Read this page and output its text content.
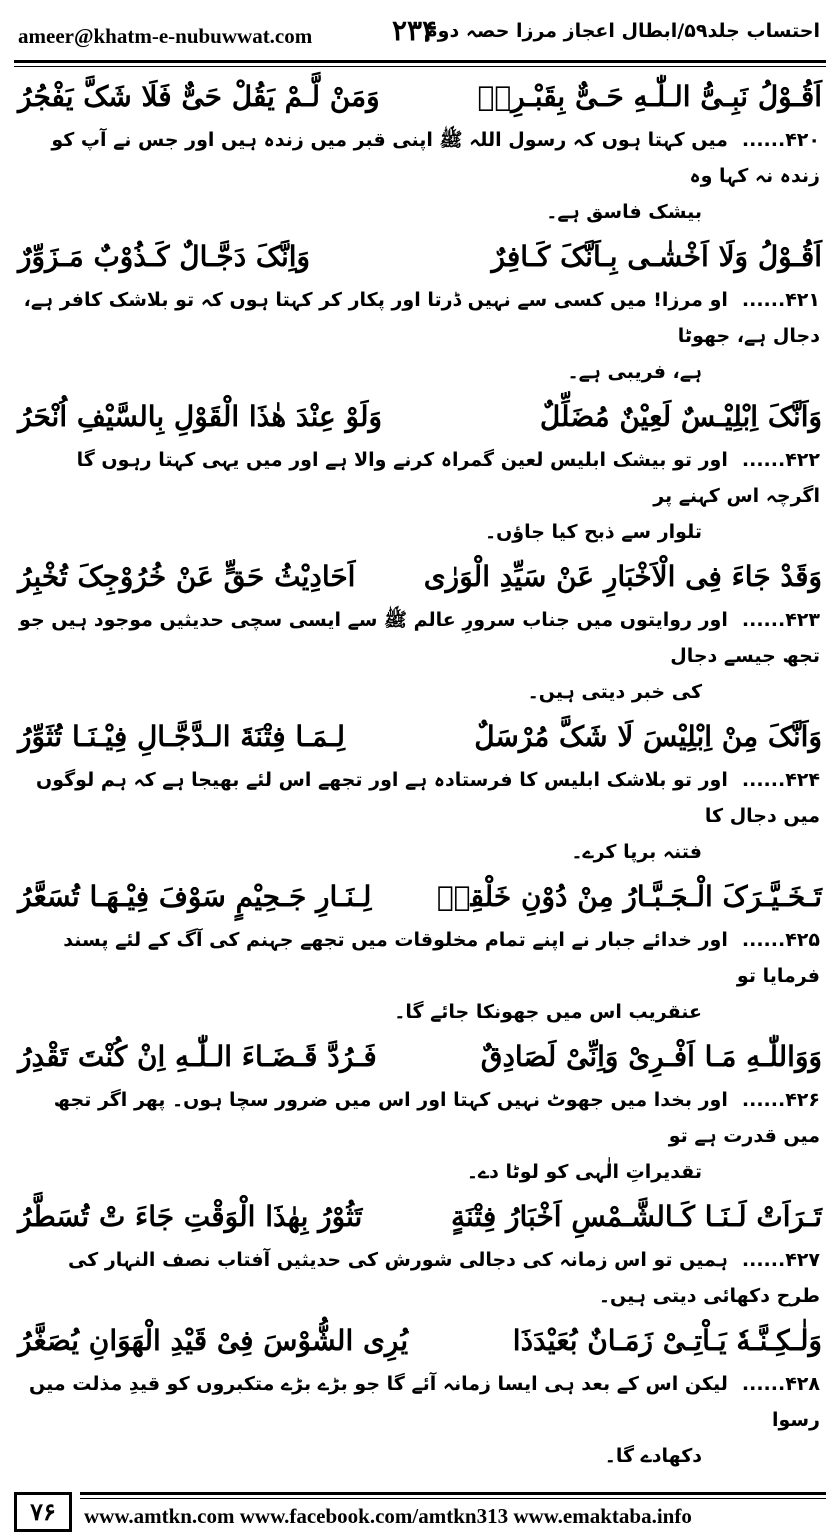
ameer@khatm-e-nubuwwat.com	۲۳۴
احتساب جلد۵۹/ابطال اعجاز مرزا حصہ دوم
اَقُـوْلُ نَبِـیُّ الـلّٰـهِ حَـیٌّ بِقَبْـرِهٖ
وَمَنْ لَّـمْ یَقُلْ حَیٌّ فَلَا شَکَّ یَفْجُرُ
۴۲۰......میں کہتا ہوں کہ رسول اللہ ﷺ اپنی قبر میں زندہ ہیں اور جس نے آپ کو زندہ نہ کہا وہ
بیشک فاسق ہے۔
اَقُـوْلُ وَلَا اَخْشٰـی بِـاَنَّکَ کَـافِرٌ
وَاِنَّکَ دَجَّـالٌ کَـذُوْبٌ مَـزَوِّرٌ
۴۲۱......او مرزا! میں کسی سے نہیں ڈرتا اور پکار کر کہتا ہوں کہ تو بلاشک کافر ہے، دجال ہے، جھوٹا
ہے، فریبی ہے۔
وَاَنَّکَ اِبْلِیْـسٌ لَعِیْنٌ مُضَلِّلٌ
وَلَوْ عِنْدَ هٰذَا الْقَوْلِ بِالسَّیْفِ اُنْحَرُ
۴۲۲......اور تو بیشک ابلیس لعین گمراہ کرنے والا ہے اور میں یہی کہتا رہوں گا اگرچہ اس کہنے پر
تلوار سے ذبح کیا جاؤں۔
وَقَدْ جَاءَ فِی الْاَخْبَارِ عَنْ سَیِّدِ الْوَرٰی
اَحَادِیْثُ حَقٍّ عَنْ خُرُوْجِکَ تُخْبِرُ
۴۲۳......اور روایتوں میں جناب سرورِ عالم ﷺ سے ایسی سچی حدیثیں موجود ہیں جو تجھ جیسے دجال
کی خبر دیتی ہیں۔
وَاَنَّکَ مِنْ اِبْلِیْسَ لَا شَکَّ مُرْسَلٌ
لِـمَـا فِتْنَةَ الـدَّجَّـالِ فِیْـنَـا تُثَوِّرُ
۴۲۴......اور تو بلاشک ابلیس کا فرستادہ ہے اور تجھے اس لئے بھیجا ہے کہ ہم لوگوں میں دجال کا
فتنہ برپا کرے۔
تَـخَـیَّـرَکَ الْـجَـبَّـارُ مِنْ دُوْنِ خَلْقِهٖ
لِـنَـارِ جَـحِیْمٍ سَوْفَ فِیْـهَـا تُسَعَّرُ
۴۲۵......اور خدائے جبار نے اپنے تمام مخلوقات میں تجھے جہنم کی آگ کے لئے پسند فرمایا تو
عنقریب اس میں جھونکا جائے گا۔
وَوَاللّٰـهِ مَـا اَفْـرِیْ وَاِنِّیْ لَصَادِقٌ
فَـرُدَّ قَـضَـاءَ الـلّٰـهِ اِنْ کُنْتَ تَقْدِرُ
۴۲۶......اور بخدا میں جھوٹ نہیں کہتا اور اس میں ضرور سچا ہوں۔ پھر اگر تجھ میں قدرت ہے تو
تقدیراتِ الٰہی کو لوٹا دے۔
تَـرَاَتْ لَـنَـا کَـالشَّـمْسِ اَخْبَارُ فِتْنَةٍ
تَثُوْرُ بِهٰذَا الْوَقْتِ جَاءَ تْ تُسَطَّرُ
۴۲۷......ہمیں تو اس زمانہ کی دجالی شورش کی حدیثیں آفتاب نصف النہار کی طرح دکھائی دیتی ہیں۔
وَلٰـکِـنَّـهٗ یَـاْتِـیْ زَمَـانٌ بُعَیْدَذَا
یُرِی الشُّوْسَ فِیْ قَیْدِ الْهَوَانِ یُصَغَّرُ
۴۲۸......لیکن اس کے بعد ہی ایسا زمانہ آئے گا جو بڑے بڑے متکبروں کو قیدِ مذلت میں رسوا
دکھادے گا۔
۷۶	www.amtkn.com www.facebook.com/amtkn313 www.emaktaba.info
